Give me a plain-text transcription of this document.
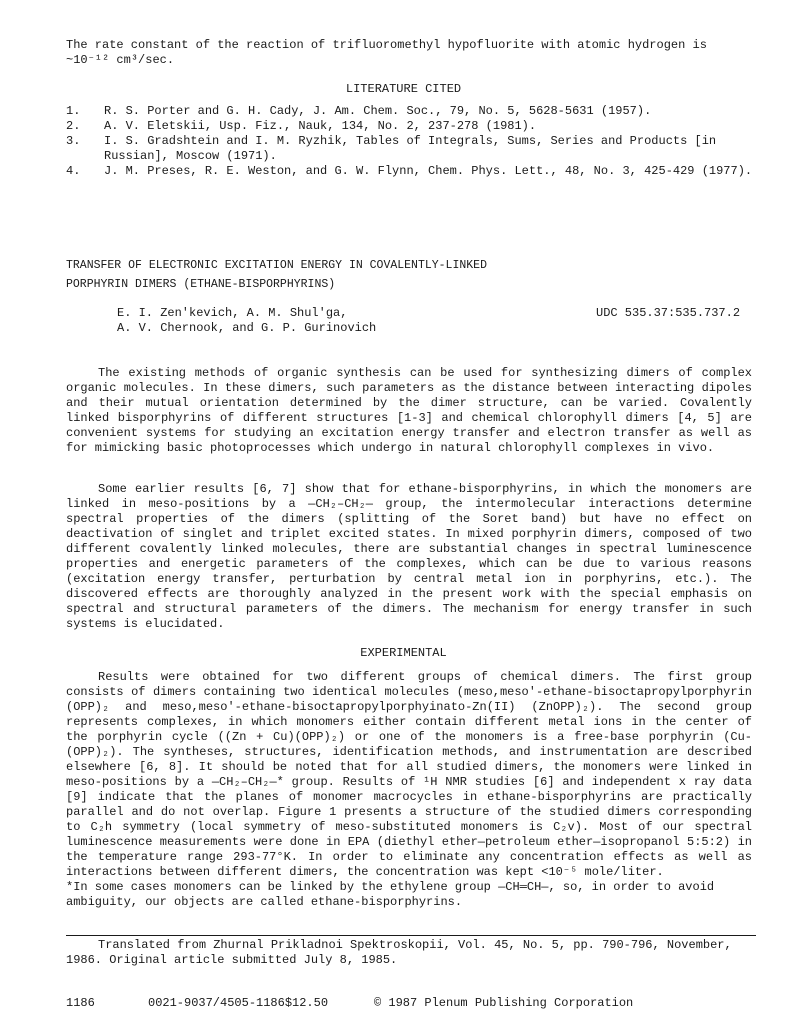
The rate constant of the reaction of trifluoromethyl hypofluorite with atomic hydrogen is ~10⁻¹² cm³/sec.
LITERATURE CITED
1.	R. S. Porter and G. H. Cady, J. Am. Chem. Soc., 79, No. 5, 5628-5631 (1957).
2.	A. V. Eletskii, Usp. Fiz., Nauk, 134, No. 2, 237-278 (1981).
3.	I. S. Gradshtein and I. M. Ryzhik, Tables of Integrals, Sums, Series and Products [in Russian], Moscow (1971).
4.	J. M. Preses, R. E. Weston, and G. W. Flynn, Chem. Phys. Lett., 48, No. 3, 425-429 (1977).
TRANSFER OF ELECTRONIC EXCITATION ENERGY IN COVALENTLY-LINKED
PORPHYRIN DIMERS (ETHANE-BISPORPHYRINS)
E. I. Zen'kevich, A. M. Shul'ga,
A. V. Chernook, and G. P. Gurinovich
UDC 535.37:535.737.2

The existing methods of organic synthesis can be used for synthesizing dimers of complex organic molecules. In these dimers, such parameters as the distance between interacting dipoles and their mutual orientation determined by the dimer structure, can be varied. Covalently linked bisporphyrins of different structures [1-3] and chemical chlorophyll dimers [4, 5] are convenient systems for studying an excitation energy transfer and electron transfer as well as for mimicking basic photoprocesses which undergo in natural chlorophyll complexes in vivo.

Some earlier results [6, 7] show that for ethane-bisporphyrins, in which the monomers are linked in meso-positions by a —CH₂–CH₂— group, the intermolecular interactions determine spectral properties of the dimers (splitting of the Soret band) but have no effect on deactivation of singlet and triplet excited states. In mixed porphyrin dimers, composed of two different covalently linked molecules, there are substantial changes in spectral luminescence properties and energetic parameters of the complexes, which can be due to various reasons (excitation energy transfer, perturbation by central metal ion in porphyrins, etc.). The discovered effects are thoroughly analyzed in the present work with the special emphasis on spectral and structural parameters of the dimers. The mechanism for energy transfer in such systems is elucidated.

EXPERIMENTAL

Results were obtained for two different groups of chemical dimers. The first group consists of dimers containing two identical molecules (meso,meso'-ethane-bisoctapropylporphyrin (OPP)₂ and meso,meso'-ethane-bisoctapropylporphyinato-Zn(II) (ZnOPP)₂). The second group represents complexes, in which monomers either contain different metal ions in the center of the porphyrin cycle ((Zn + Cu)(OPP)₂) or one of the monomers is a free-base porphyrin (Cu-(OPP)₂). The syntheses, structures, identification methods, and instrumentation are described elsewhere [6, 8]. It should be noted that for all studied dimers, the monomers were linked in meso-positions by a —CH₂–CH₂—* group. Results of ¹H NMR studies [6] and independent x ray data [9] indicate that the planes of monomer macrocycles in ethane-bisporphyrins are practically parallel and do not overlap. Figure 1 presents a structure of the studied dimers corresponding to C₂h symmetry (local symmetry of meso-substituted monomers is C₂v). Most of our spectral luminescence measurements were done in EPA (diethyl ether—petroleum ether—isopropanol 5:5:2) in the temperature range 293-77°K. In order to eliminate any concentration effects as well as interactions between different dimers, the concentration was kept <10⁻⁵ mole/liter.

*In some cases monomers can be linked by the ethylene group —CH═CH—, so, in order to avoid ambiguity, our objects are called ethane-bisporphyrins.
Translated from Zhurnal Prikladnoi Spektroskopii, Vol. 45, No. 5, pp. 790-796, November, 1986. Original article submitted July 8, 1985.
1186	0021-9037/4505-1186$12.50	© 1987 Plenum Publishing Corporation
